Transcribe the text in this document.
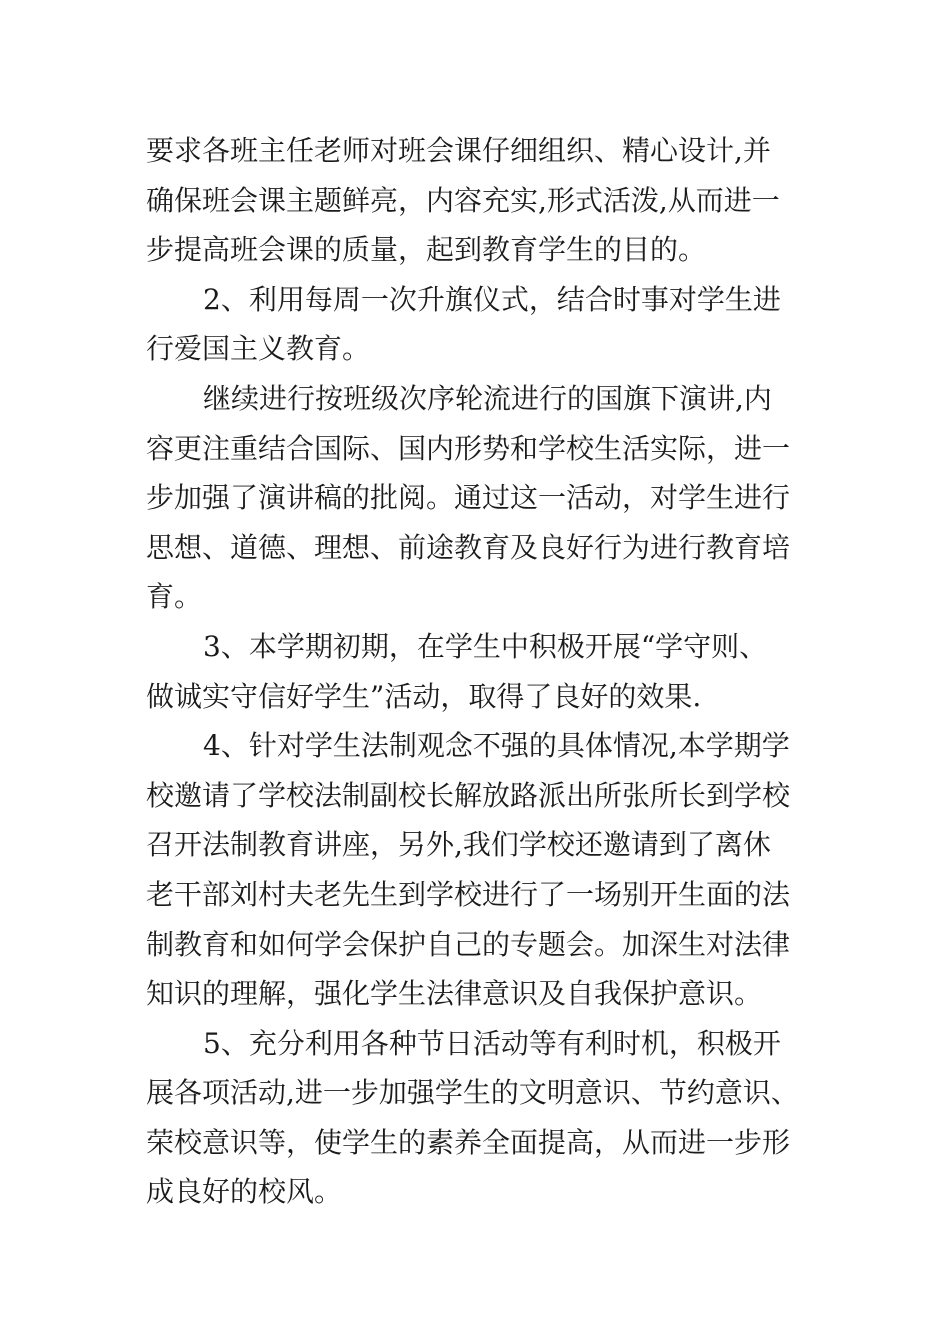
要求各班主任老师对班会课仔细组织、精心设计,并
确保班会课主题鲜亮，内容充实,形式活泼,从而进一
步提高班会课的质量，起到教育学生的目的。
2、利用每周一次升旗仪式，结合时事对学生进
行爱国主义教育。
继续进行按班级次序轮流进行的国旗下演讲,内
容更注重结合国际、国内形势和学校生活实际，进一
步加强了演讲稿的批阅。通过这一活动，对学生进行
思想、道德、理想、前途教育及良好行为进行教育培
育。
3、本学期初期，在学生中积极开展“学守则、
做诚实守信好学生”活动，取得了良好的效果.
4、针对学生法制观念不强的具体情况,本学期学
校邀请了学校法制副校长解放路派出所张所长到学校
召开法制教育讲座，另外,我们学校还邀请到了离休
老干部刘村夫老先生到学校进行了一场别开生面的法
制教育和如何学会保护自己的专题会。加深生对法律
知识的理解，强化学生法律意识及自我保护意识。
5、充分利用各种节日活动等有利时机，积极开
展各项活动,进一步加强学生的文明意识、节约意识、
荣校意识等，使学生的素养全面提高，从而进一步形
成良好的校风。
